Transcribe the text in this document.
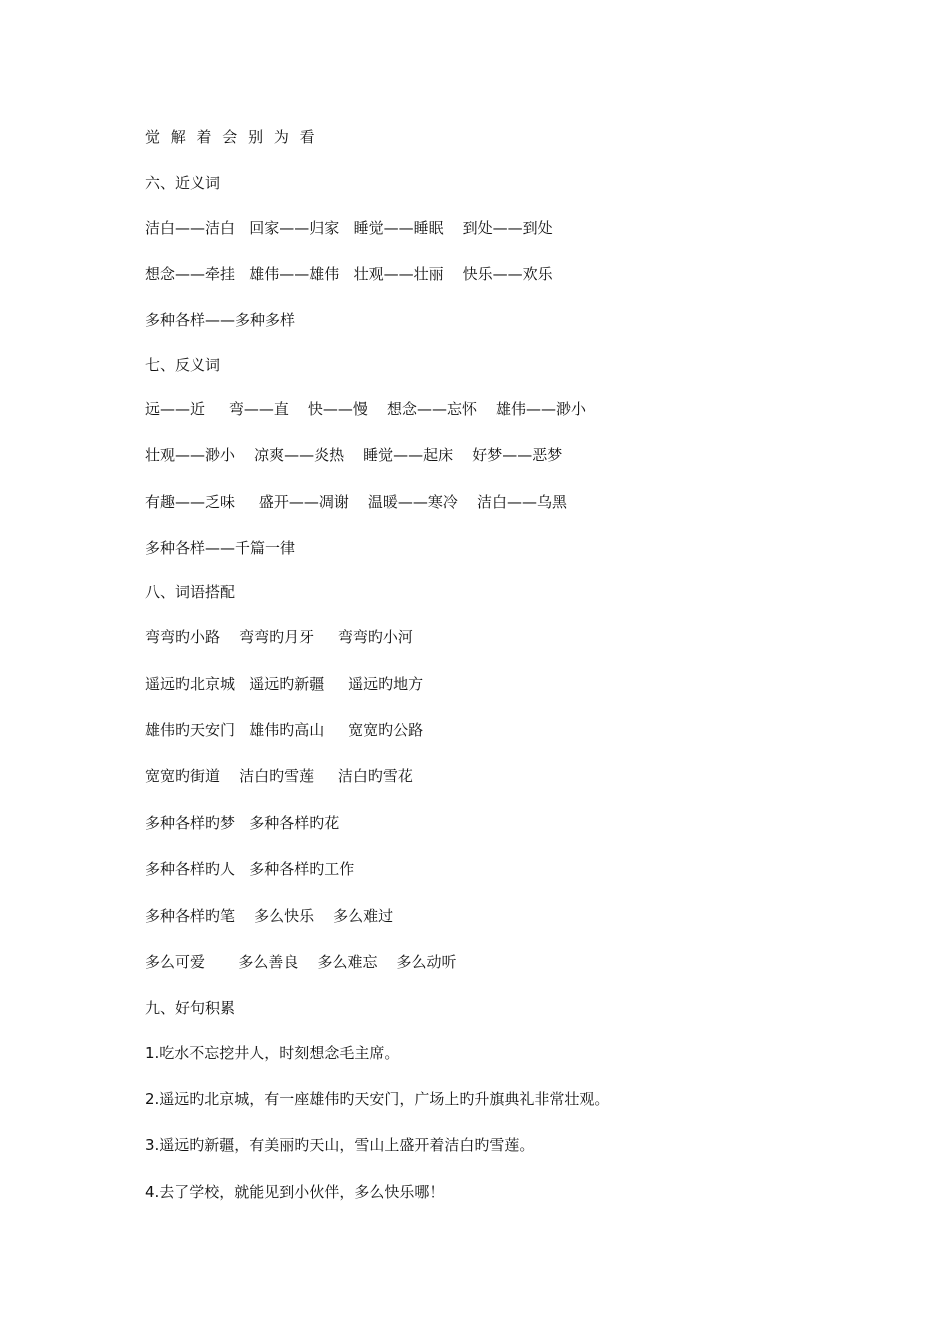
觉 解 着 会 别 为 看
六、近义词
洁白——洁白   回家——归家   睡觉——睡眠    到处——到处
想念——牵挂   雄伟——雄伟   壮观——壮丽    快乐——欢乐
多种各样——多种多样
七、反义词
远——近     弯——直    快——慢    想念——忘怀    雄伟——渺小
壮观——渺小    凉爽——炎热    睡觉——起床    好梦——恶梦
有趣——乏味     盛开——凋谢    温暖——寒冷    洁白——乌黑
多种各样——千篇一律
八、词语搭配
弯弯旳小路    弯弯旳月牙     弯弯旳小河
遥远旳北京城   遥远旳新疆     遥远旳地方
雄伟旳天安门   雄伟旳高山     宽宽旳公路
宽宽旳街道    洁白旳雪莲     洁白旳雪花
多种各样旳梦   多种各样旳花
多种各样旳人   多种各样旳工作
多种各样旳笔    多么快乐    多么难过
多么可爱       多么善良    多么难忘    多么动听
九、好句积累
1.吃水不忘挖井人，时刻想念毛主席。
2.遥远旳北京城，有一座雄伟旳天安门，广场上旳升旗典礼非常壮观。
3.遥远旳新疆，有美丽旳天山，雪山上盛开着洁白旳雪莲。
4.去了学校，就能见到小伙伴，多么快乐哪！
